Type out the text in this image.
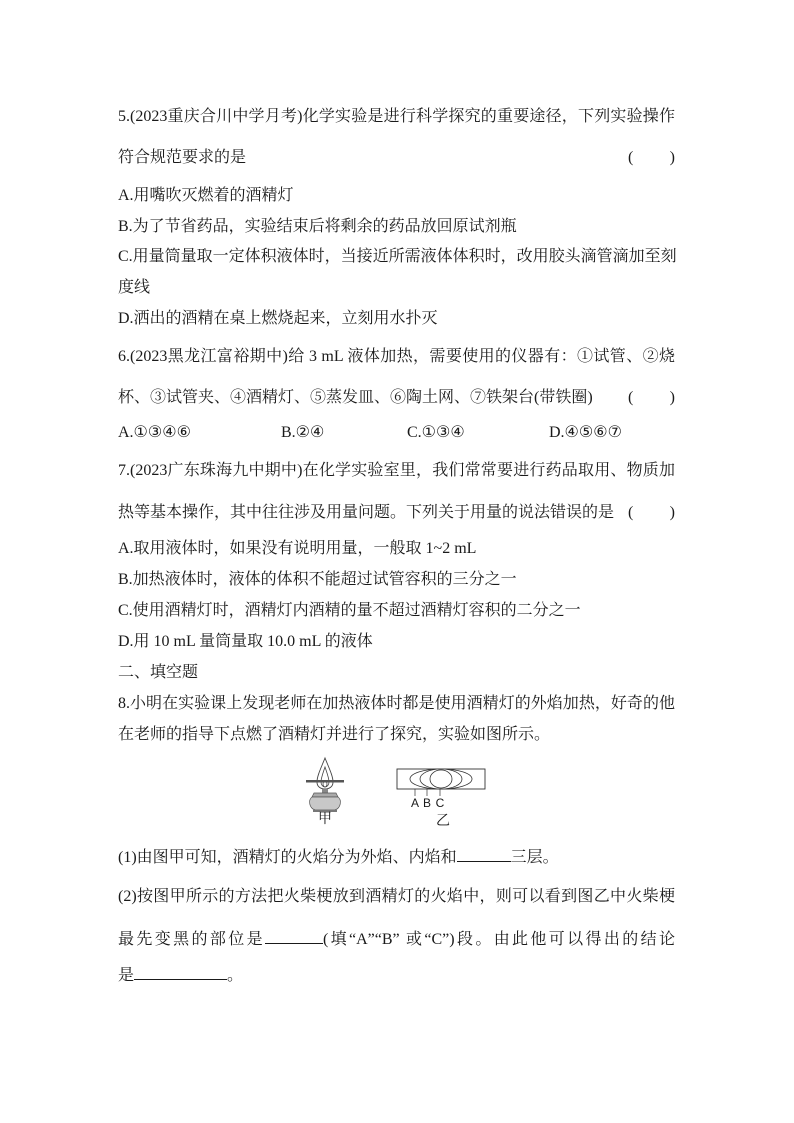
5.(2023重庆合川中学月考)化学实验是进行科学探究的重要途径，下列实验操作
符合规范要求的是	(　　)
A.用嘴吹灭燃着的酒精灯
B.为了节省药品，实验结束后将剩余的药品放回原试剂瓶
C.用量筒量取一定体积液体时，当接近所需液体体积时，改用胶头滴管滴加至刻
度线
D.洒出的酒精在桌上燃烧起来，立刻用水扑灭
6.(2023黑龙江富裕期中)给 3 mL 液体加热，需要使用的仪器有：①试管、②烧
杯、③试管夹、④酒精灯、⑤蒸发皿、⑥陶土网、⑦铁架台(带铁圈) (　　)
A.①③④⑥	B.②④	C.①③④	D.④⑤⑥⑦
7.(2023广东珠海九中期中)在化学实验室里，我们常常要进行药品取用、物质加
热等基本操作，其中往往涉及用量问题。下列关于用量的说法错误的是 (　　)
A.取用液体时，如果没有说明用量，一般取 1~2 mL
B.加热液体时，液体的体积不能超过试管容积的三分之一
C.使用酒精灯时，酒精灯内酒精的量不超过酒精灯容积的二分之一
D.用 10 mL 量筒量取 10.0 mL 的液体
二、填空题
8.小明在实验课上发现老师在加热液体时都是使用酒精灯的外焰加热，好奇的他
在老师的指导下点燃了酒精灯并进行了探究，实验如图所示。
A B C
甲	乙
(1)由图甲可知，酒精灯的火焰分为外焰、内焰和	三层。
(2)按图甲所示的方法把火柴梗放到酒精灯的火焰中，则可以看到图乙中火柴梗
最先变黑的部位是	(填“A”“B” 或“C”)段。由此他可以得出的结论
是	。
